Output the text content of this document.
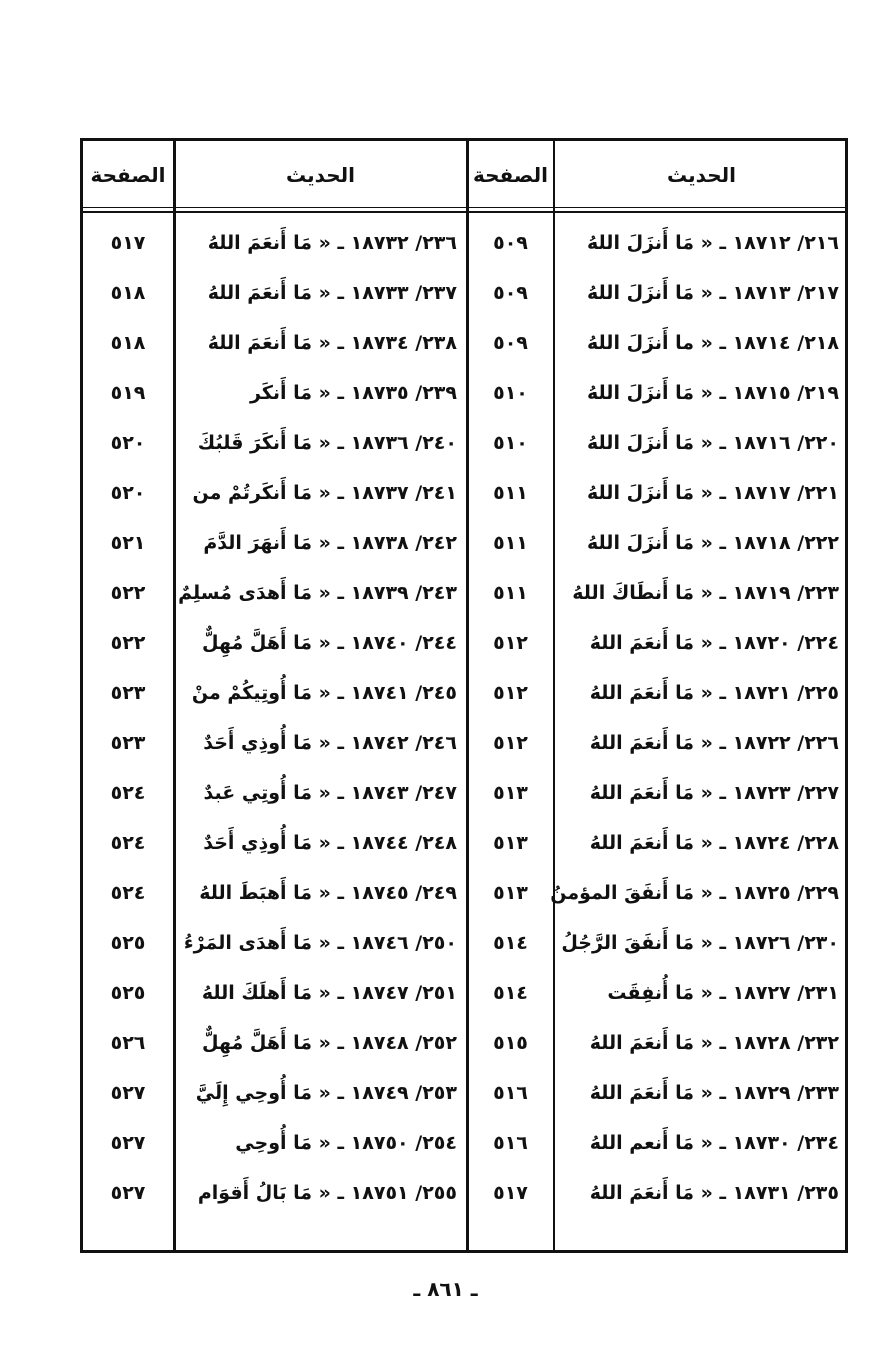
الحديث
الصفحة
الحديث
الصفحة
٢١٦/ ١٨٧١٢ ـ « مَا أَنزَلَ اللهُ
٥٠٩
٢١٧/ ١٨٧١٣ ـ « مَا أَنزَلَ اللهُ
٥٠٩
٢١٨/ ١٨٧١٤ ـ « ما أَنزَلَ اللهُ
٥٠٩
٢١٩/ ١٨٧١٥ ـ « مَا أَنزَلَ اللهُ
٥١٠
٢٢٠/ ١٨٧١٦ ـ « مَا أَنزَلَ اللهُ
٥١٠
٢٢١/ ١٨٧١٧ ـ « مَا أَنزَلَ اللهُ
٥١١
٢٢٢/ ١٨٧١٨ ـ « مَا أَنزَلَ اللهُ
٥١١
٢٢٣/ ١٨٧١٩ ـ « مَا أَنطَاكَ اللهُ
٥١١
٢٢٤/ ١٨٧٢٠ ـ « مَا أَنعَمَ اللهُ
٥١٢
٢٢٥/ ١٨٧٢١ ـ « مَا أَنعَمَ اللهُ
٥١٢
٢٢٦/ ١٨٧٢٢ ـ « مَا أَنعَمَ اللهُ
٥١٢
٢٢٧/ ١٨٧٢٣ ـ « مَا أَنعَمَ اللهُ
٥١٣
٢٢٨/ ١٨٧٢٤ ـ « مَا أَنعَمَ اللهُ
٥١٣
٢٢٩/ ١٨٧٢٥ ـ « مَا أَنفَقَ المؤمنُ
٥١٣
٢٣٠/ ١٨٧٢٦ ـ « مَا أَنفَقَ الرَّجُلُ
٥١٤
٢٣١/ ١٨٧٢٧ ـ « مَا أُنفِقَت
٥١٤
٢٣٢/ ١٨٧٢٨ ـ « مَا أَنعَمَ اللهُ
٥١٥
٢٣٣/ ١٨٧٢٩ ـ « مَا أَنعَمَ اللهُ
٥١٦
٢٣٤/ ١٨٧٣٠ ـ « مَا أَنعم اللهُ
٥١٦
٢٣٥/ ١٨٧٣١ ـ « مَا أَنعَمَ اللهُ
٥١٧
٢٣٦/ ١٨٧٣٢ ـ « مَا أَنعَمَ اللهُ
٥١٧
٢٣٧/ ١٨٧٣٣ ـ « مَا أَنعَمَ اللهُ
٥١٨
٢٣٨/ ١٨٧٣٤ ـ « مَا أَنعَمَ اللهُ
٥١٨
٢٣٩/ ١٨٧٣٥ ـ « مَا أَنكَر
٥١٩
٢٤٠/ ١٨٧٣٦ ـ « مَا أَنكَرَ قَلبُكَ
٥٢٠
٢٤١/ ١٨٧٣٧ ـ « مَا أَنكَرتُمْ من
٥٢٠
٢٤٢/ ١٨٧٣٨ ـ « مَا أَنهَرَ الدَّمَ
٥٢١
٢٤٣/ ١٨٧٣٩ ـ « مَا أَهدَى مُسلِمٌ
٥٢٢
٢٤٤/ ١٨٧٤٠ ـ « مَا أَهَلَّ مُهِلٌّ
٥٢٢
٢٤٥/ ١٨٧٤١ ـ « مَا أُوتِيكُمْ منْ
٥٢٣
٢٤٦/ ١٨٧٤٢ ـ « مَا أُوذِي أَحَدٌ
٥٢٣
٢٤٧/ ١٨٧٤٣ ـ « مَا أُوتِي عَبدٌ
٥٢٤
٢٤٨/ ١٨٧٤٤ ـ « مَا أُوذِي أَحَدٌ
٥٢٤
٢٤٩/ ١٨٧٤٥ ـ « مَا أَهبَطَ اللهُ
٥٢٤
٢٥٠/ ١٨٧٤٦ ـ « مَا أَهدَى المَرْءُ
٥٢٥
٢٥١/ ١٨٧٤٧ ـ « مَا أَهلَكَ اللهُ
٥٢٥
٢٥٢/ ١٨٧٤٨ ـ « مَا أَهَلَّ مُهِلٌّ
٥٢٦
٢٥٣/ ١٨٧٤٩ ـ « مَا أُوحِي إِلَيَّ
٥٢٧
٢٥٤/ ١٨٧٥٠ ـ « مَا أُوحِي
٥٢٧
٢٥٥/ ١٨٧٥١ ـ « مَا بَالُ أَقوَام
٥٢٧
ـ ٨٦١ ـ
